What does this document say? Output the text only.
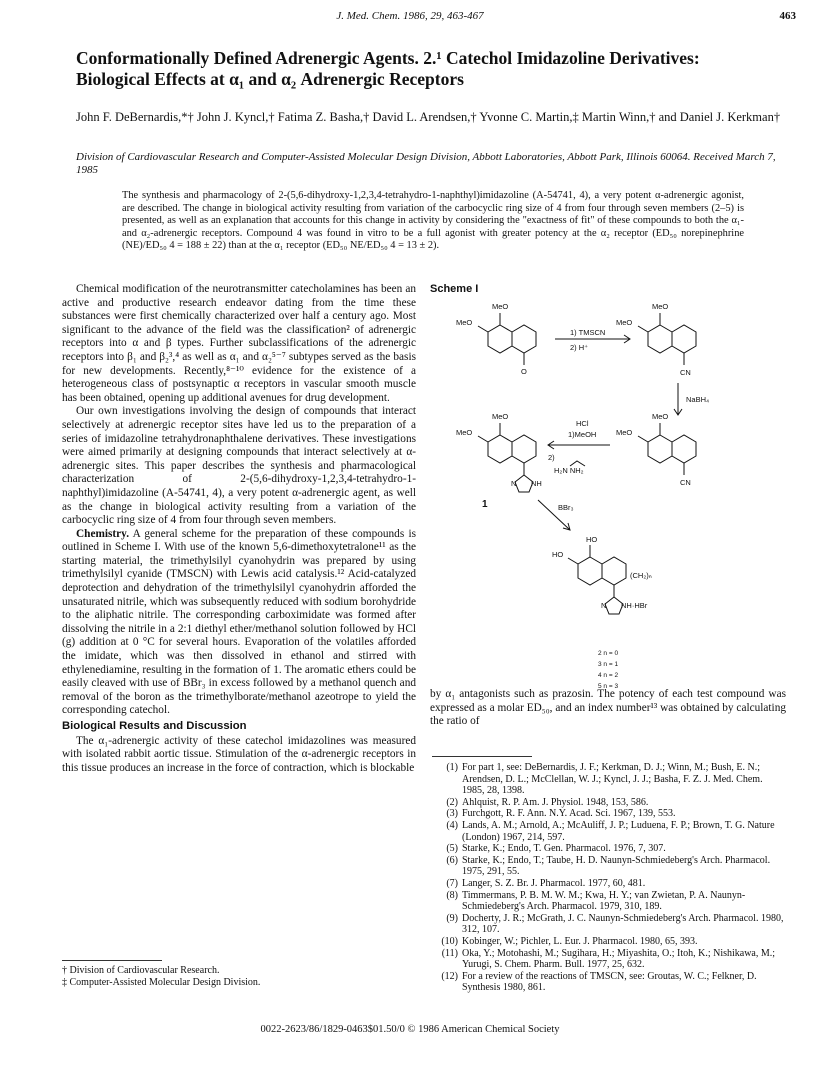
J. Med. Chem. 1986, 29, 463-467	463
Conformationally Defined Adrenergic Agents. 2.¹ Catechol Imidazoline Derivatives: Biological Effects at α₁ and α₂ Adrenergic Receptors
John F. DeBernardis,*† John J. Kyncl,† Fatima Z. Basha,† David L. Arendsen,† Yvonne C. Martin,‡ Martin Winn,† and Daniel J. Kerkman†
Division of Cardiovascular Research and Computer-Assisted Molecular Design Division, Abbott Laboratories, Abbott Park, Illinois 60064. Received March 7, 1985
The synthesis and pharmacology of 2-(5,6-dihydroxy-1,2,3,4-tetrahydro-1-naphthyl)imidazoline (A-54741, 4), a very potent α-adrenergic agonist, are described. The change in biological activity resulting from variation of the carbocyclic ring size of 4 from four through seven members (2–5) is presented, as well as an explanation that accounts for this change in activity by considering the "exactness of fit" of these compounds to both the α₁- and α₂-adrenergic receptors. Compound 4 was found in vitro to be a full agonist with greater potency at the α₂ receptor (ED₅₀ norepinephrine (NE)/ED₅₀ 4 = 188 ± 22) than at the α₁ receptor (ED₅₀ NE/ED₅₀ 4 = 13 ± 2).

Chemical modification of the neurotransmitter catecholamines has been an active and productive research endeavor dating from the time these substances were first chemically characterized over half a century ago. Most significant to the advance of the field was the classification² of adrenergic receptors into α and β types. Further subclassifications of the adrenergic receptors into β₁ and β₂³,⁴ as well as α₁ and α₂⁵⁻⁷ subtypes served as the basis for new developments. Recently,⁸⁻¹⁰ evidence for the existence of a heterogeneous class of postsynaptic α receptors in vascular smooth muscle has been obtained, opening up additional avenues for drug development.

Our own investigations involving the design of compounds that interact selectively at adrenergic receptor sites have led us to the preparation of a series of imidazoline tetrahydronaphthalene derivatives. These investigations were aimed primarily at designing compounds that interact selectively at α-adrenergic sites. This paper describes the synthesis and pharmacological characterization of 2-(5,6-dihydroxy-1,2,3,4-tetrahydro-1-naphthyl)imidazoline (A-54741, 4), a very potent α-adrenergic agent, as well as the change in biological activity resulting from a variation of the carbocyclic ring size of 4 from four through seven members.

Chemistry. A general scheme for the preparation of these compounds is outlined in Scheme I. With use of the known 5,6-dimethoxytetralone¹¹ as the starting material, the trimethylsilyl cyanohydrin was prepared by using trimethylsilyl cyanide (TMSCN) with Lewis acid catalysis.¹² Acid-catalyzed deprotection and dehydration of the trimethylsilyl cyanohydrin afforded the unsaturated nitrile, which was subsequently reduced with sodium borohydride to the aliphatic nitrile. The corresponding carboximidate was formed after dissolving the nitrile in a 2:1 diethyl ether/methanol solution followed by HCl (g) addition at 0 °C for several hours. Evaporation of the volatiles afforded the imidate, which was then dissolved in ethanol and stirred with ethylenediamine, resulting in the formation of 1. The aromatic ethers could be easily cleaved with use of BBr₃ in excess followed by a methanol quench and removal of the boron as the trimethylborate/methanol azeotrope to yield the corresponding catechol.

Biological Results and Discussion

The α₁-adrenergic activity of these catechol imidazolines was measured with isolated rabbit aortic tissue. Stimulation of the α-adrenergic receptors in this tissue produces an increase in the force of contraction, which is blockable

Scheme I
MeO
MeO
O
1) TMSCN
2) H⁺
MeO
MeO
CN
NaBH₄
MeO
MeO
CN
HCl
1)MeOH
2)
H₂N NH₂
MeO
MeO
N NH
1	BBr₃
HO
HO
(CH₂)ₙ
N NH·HBr
2 n = 0
3 n = 1
4 n = 2
5 n = 3
by α₁ antagonists such as prazosin. The potency of each test compound was expressed as a molar ED₅₀, and an index number¹³ was obtained by calculating the ratio of
(1) For part 1, see: DeBernardis, J. F.; Kerkman, D. J.; Winn, M.; Bush, E. N.; Arendsen, D. L.; McClellan, W. J.; Kyncl, J. J.; Basha, F. Z. J. Med. Chem. 1985, 28, 1398.
(2) Ahlquist, R. P. Am. J. Physiol. 1948, 153, 586.
(3) Furchgott, R. F. Ann. N.Y. Acad. Sci. 1967, 139, 553.
(4) Lands, A. M.; Arnold, A.; McAuliff, J. P.; Luduena, F. P.; Brown, T. G. Nature (London) 1967, 214, 597.
(5) Starke, K.; Endo, T. Gen. Pharmacol. 1976, 7, 307.
(6) Starke, K.; Endo, T.; Taube, H. D. Naunyn-Schmiedeberg's Arch. Pharmacol. 1975, 291, 55.
(7) Langer, S. Z. Br. J. Pharmacol. 1977, 60, 481.
(8) Timmermans, P. B. M. W. M.; Kwa, H. Y.; van Zwietan, P. A. Naunyn-Schmiedeberg's Arch. Pharmacol. 1979, 310, 189.
(9) Docherty, J. R.; McGrath, J. C. Naunyn-Schmiedeberg's Arch. Pharmacol. 1980, 312, 107.
(10) Kobinger, W.; Pichler, L. Eur. J. Pharmacol. 1980, 65, 393.
(11) Oka, Y.; Motohashi, M.; Sugihara, H.; Miyashita, O.; Itoh, K.; Nishikawa, M.; Yurugi, S. Chem. Pharm. Bull. 1977, 25, 632.
(12) For a review of the reactions of TMSCN, see: Groutas, W. C.; Felkner, D. Synthesis 1980, 861.
† Division of Cardiovascular Research.
‡ Computer-Assisted Molecular Design Division.
0022-2623/86/1829-0463$01.50/0 © 1986 American Chemical Society
